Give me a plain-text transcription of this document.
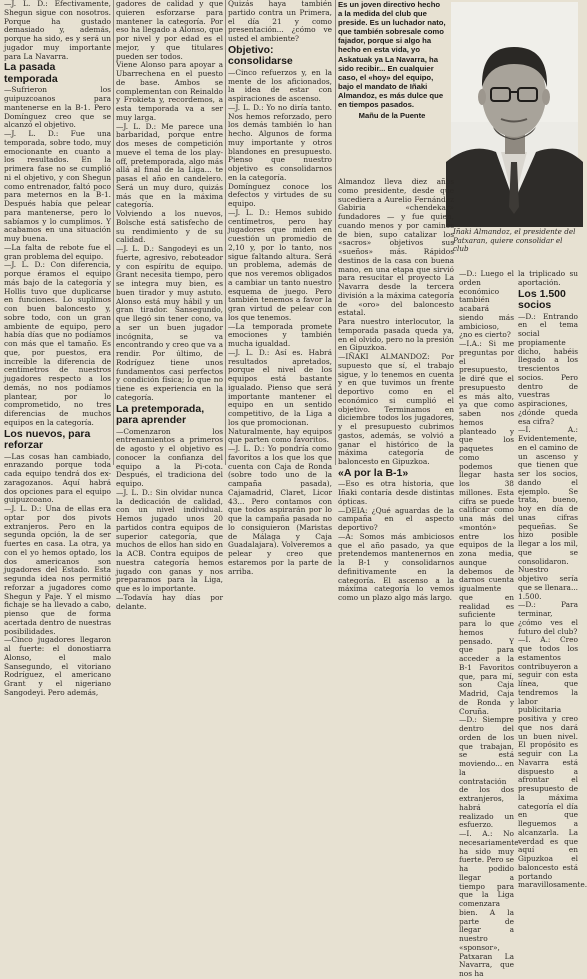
—J. L. D.: Efectivamente, Shegun sigue con nosotros. Porque ha gustado demasiado y, además, porque ha sido, es y será un jugador muy importante para La Navarra.

La pasada temporada

—Sufrieron los guipuzcoanos para mantenerse en la B-1. Pero Domínguez creo que se alcanzó el objetivo.

—J. L. D.: Fue una temporada, sobre todo, muy emocionante en cuanto a los resultados. En la primera fase no se cumplió ni el objetivo, y con Shegun como entrenador, faltó poco para meternos en la B-1. Después había que pelear para mantenerse, pero lo sabíamos y lo cumplimos. Y acabamos en una situación muy buena.

—La falta de rebote fue el gran problema del equipo.

—J. L. D.: Con diferencia, porque éramos el equipo más bajo de la categoría y Hollis tuvo que duplicarse en funciones. Lo suplimos con buen baloncesto y, sobre todo, con un gran ambiente de equipo, pero había días que no podíamos con más que el tamaño. Es que, por puestos, era increíble la diferencia de centímetros de nuestros jugadores respecto a los demás, no nos podíamos plantear, por lo comprometido, no tres diferencias de muchos equipos en la categoría.

Los nuevos, para reforzar

—Las cosas han cambiado, enrazando porque toda cada equipo tendrá dos ex-zaragozanos. Aquí habrá dos opciones para el equipo guipuzcoano.

—J. L. D.: Una de ellas era optar por dos pivots extranjeros. Pero en la segunda opción, la de ser fuertes en casa. La otra, ya con el yo hemos optado, los dos americanos son jugadores del Estado. Esta segunda idea nos permitió reforzar a jugadores como Shegun y Paje. Y el mismo fichaje se ha llevado a cabo, pienso que de forma acertada dentro de nuestras posibilidades.

—Cinco jugadores llegaron al fuerte: el donostiarra Alonso, el malo Sansegundo, el vitoriano Rodríguez, el americano Grant y el nigeriano Sangodeyi. Pero además,

gadores de calidad y que quieren esforzarse para mantener la categoría. Por eso ha llegado a Alonso, que por nivel y por edad es el mejor, y que titulares pueden ser todos.

Viene Alonso para apoyar a Ubarrechena en el puesto de base. Ambos se complementan con Reinaldo y Frokieta y, recordemos, a esta temporada va a ser muy larga.

—J. L. D.: Me parece una barbaridad, porque entre dos meses de competición mueve el tema de los play-off, pretemporada, algo más allá al final de la Liga... te pasas el año en candelero. Será un muy duro, quizás más que en la máxima categoría.

Volviendo a los nuevos, Bolsche está satisfecho de su rendimiento y de su calidad.

—J. L. D.: Sangodeyi es un fuerte, agresivo, reboteador y con espíritu de equipo. Grant necesita tiempo, pero se integra muy bien, es buen tirador y muy astuto. Alonso está muy hábil y un gran tirador. Sansegundo, que llegó sin tener cono, va a ser un buen jugador incógnita, se va encontrando y creo que va a rendir. Por último, de Rodríguez tiene unos fundamentos casi perfectos y condición física; lo que no tiene es experiencia en la categoría.

La pretemporada, para aprender

—Comenzaron los entrenamientos a primeros de agosto y el objetivo es conocer la confianza del equipo a la Pi-cota. Después, el tradiciona del equipo.

—J. L. D.: Sin olvidar nunca la dedicación de calidad, con un nivel individual. Hemos jugado unos 20 partidos contra equipos de superior categoría, que muchos de ellos han sido en la ACB. Contra equipos de nuestra categoría hemos jugado con ganas y nos preparamos para la Liga, que es lo importante.

—Todavía hay días por delante.

Quizás haya también partido contra un Primera, el día 21 y como presentación... ¿cómo ve usted el ambiente?

Objetivo: consolidarse

—Cinco refuerzos y, en la mente de los aficionados, la idea de estar con aspiraciones de ascenso.

—J. L. D.: Yo no diría tanto. Nos hemos reforzado, pero los demás también lo han hecho. Algunos de forma muy importante y otros blandones en presupuesto. Pienso que nuestro objetivo es consolidarnos en la categoría.

Domínguez conoce los defectos y virtudes de su equipo.

—J. L. D.: Hemos subido centímetros, pero hay jugadores que miden en cuestión un promedio de 2,10 y, por lo tanto, nos sigue faltando altura. Será un problema, además de que nos veremos obligados a cambiar un tanto nuestro esquema de juego. Pero también tenemos a favor la gran virtud de pelear con los que tenemos.

—La temporada promete emociones y también mucha igualdad.

—J. L. D.: Así es. Habrá resultados apretados, porque el nivel de los equipos está bastante igualado. Pienso que será importante mantener el equipo en un sentido competitivo, de la Liga a los que promocionan.

Naturalmente, hay equipos que parten como favoritos.

—J. L. D.: Yo pondría como favoritos a los que los que cuenta con Caja de Ronda (sobre todo uno de la campaña pasada), Cajamadrid, Claret, Licor 43... Pero contamos con que todos aspirarán por lo que la campaña pasada no lo consiguieron (Maristas de Málaga y Caja Guadalajara). Volveremos a pelear y creo que estaremos por la parte de arriba.

Es un joven directivo hecho a la medida del club que preside. Es un luchador nato, que también sobresale como fajador, porque si algo ha hecho en esta vida, yo Askatuak ya La Navarra, ha sido recibir... En cualquier caso, el «hoy» del equipo, bajo el mandato de Iñaki Almandoz, es más dulce que en tiempos pasados.

Mañu de la Puente

Iñaki Almandoz, el presidente del Patxaran, quiere consolidar el club

Almandoz lleva diez años como presidente, desde que sucediera a Aurelio Fernández Gabiria «chendekar» fundadores — y fue quien, cuando menos y por caminos de bien, supo catalizar los «sacros» objetivos sus «sueños» más. Rápidos destinos de la casa con buena mano, en una etapa que sirvió para resucitar el proyecto La Navarra desde la tercera división a la máxima categoría de «oro» del baloncesto estatal.

Para nuestro interlocutor, la temporada pasada queda ya, en el olvido, pero no la presión en Gipuzkoa.

—IÑAKI ALMANDOZ: Por supuesto que sí, el trabajo sigue, y lo tenemos en cuenta y en que tuvimos un frente deportivo como en el económico si cumplió el objetivo. Terminamos en diciembre todos los jugadores, y el presupuesto cubrimos gastos, además, se volvió a ganar el histórico de la máxima categoría de baloncesto en Gipuzkoa.

«A por la B-1»

—Eso es otra historia, que Iñaki contaría desde distintas ópticas.

—DEIA: ¿Qué aguardas de la campaña en el aspecto deportivo?

—A: Somos más ambiciosos que el año pasado, ya que pretendemos mantenernos en la B-1 y consolidarnos definitivamente en la categoría. El ascenso a la máxima categoría lo vemos como un plazo algo más largo.

—D.: Luego el orden económico también acabará siendo más ambicioso, ¿no es cierto?

—I.A.: Si me preguntas por el presupuesto, le diré que el presupuesto es más alto, ya que como saben nos hemos planteado y que los paquetes como podemos llegar hasta los 38 millones. Esta cifra se puede calificar como una más del «montón» entre los equipos de la zona media, aunque debemos de darnos cuenta igualmente que en realidad es suficiente para lo que hemos pensado. Y que para acceder a la B-1 Favoritos que, para mí, son Caja Madrid, Caja de Ronda y Coruña.

—D.: Siempre dentro del orden de los que trabajan, se está moviendo... en la contratación de los dos extranjeros, habrá realizado un esfuerzo.

—I. A.: No necesariamente ha sido muy fuerte. Pero se ha podido llegar a tiempo para que la Liga comenzara bien. A la parte de llegar a nuestro «sponsor», Patxaran La Navarra, que nos ha

la triplicado su aportación.

Los 1.500 socios

—D.: Entrando en el tema social propiamente dicho, habéis llegado a los trescientos socios. Pero dentro de vuestras aspiraciones, ¿dónde queda esa cifra?

—I. A.: Evidentemente, en el camino de un ascenso y que tienen que ser los socios, dando el ejemplo. Se trata, bueno, hoy en día de unas cifras pequeñas. Se hizo posible llegar a los mil, que se consolidaron. Nuestro objetivo sería que se llenara... 1.500.

—D.: Para terminar, ¿cómo ves el futuro del club?

—I. A.: Creo que todos los estamentos contribuyeron a seguir con esta línea, que tendremos la labor publicitaria positiva y creo que nos dará un buen nivel. El propósito es seguir con La Navarra está dispuesto a afrontar el presupuesto de la máxima categoría el día en que lleguemos a alcanzarla. La verdad es que aquí en Gipuzkoa el baloncesto está portando maravillosamente.
